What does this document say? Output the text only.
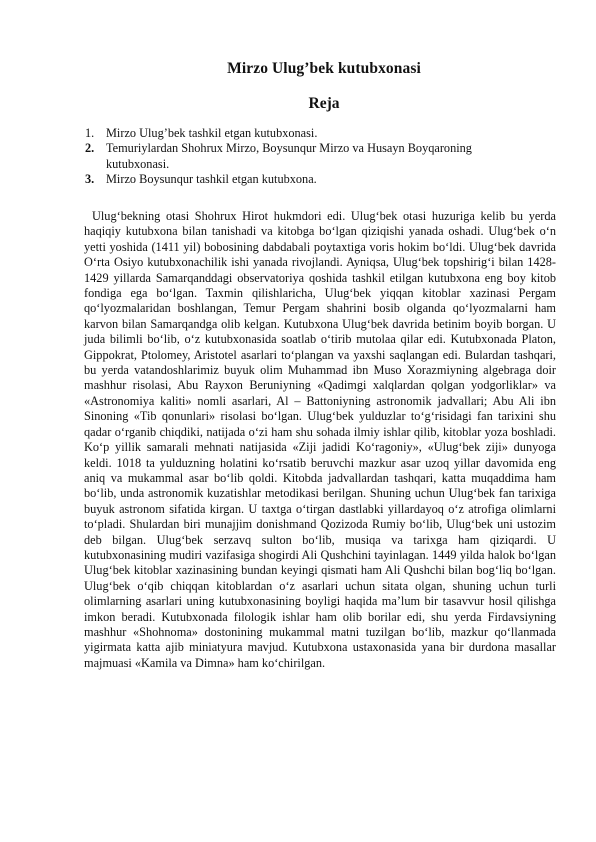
Mirzo Ulug’bek kutubxonasi
Reja
1. Mirzo Ulug’bek tashkil etgan kutubxonasi.
2. Temuriylardan Shohrux Mirzo, Boysunqur Mirzo va Husayn Boyqaroning kutubxonasi.
3. Mirzo Boysunqur tashkil etgan kutubxona.

Ulug‘bekning otasi Shohrux Hirot hukmdori edi. Ulug‘bek otasi huzuriga kelib bu yerda haqiqiy kutubxona bilan tanishadi va kitobga bo‘lgan qiziqishi yanada oshadi. Ulug‘bek o‘n yetti yoshida (1411 yil) bobosining dabdabali poytaxtiga voris hokim bo‘ldi. Ulug‘bek davrida O‘rta Osiyo kutubxonachilik ishi yanada rivojlandi. Ayniqsa, Ulug‘bek topshirig‘i bilan 1428-1429 yillarda Samarqanddagi observatoriya qoshida tashkil etilgan kutubxona eng boy kitob fondiga ega bo‘lgan. Taxmin qilishlaricha, Ulug‘bek yiqqan kitoblar xazinasi Pergam qo‘lyozmalaridan boshlangan, Temur Pergam shahrini bosib olganda qo‘lyozmalarni ham karvon bilan Samarqandga olib kelgan. Kutubxona Ulug‘bek davrida betinim boyib borgan. U juda bilimli bo‘lib, o‘z kutubxonasida soatlab o‘tirib mutolaa qilar edi. Kutubxonada Platon, Gippokrat, Ptolomey, Aristotel asarlari to‘plangan va yaxshi saqlangan edi. Bulardan tashqari, bu yerda vatandoshlarimiz buyuk olim Muhammad ibn Muso Xorazmiyning algebraga doir mashhur risolasi, Abu Rayxon Beruniyning «Qadimgi xalqlardan qolgan yodgorliklar» va «Astronomiya kaliti» nomli asarlari, Al – Battoniyning astronomik jadvallari; Abu Ali ibn Sinoning «Tib qonunlari» risolasi bo‘lgan. Ulug‘bek yulduzlar to‘g‘risidagi fan tarixini shu qadar o‘rganib chiqdiki, natijada o‘zi ham shu sohada ilmiy ishlar qilib, kitoblar yoza boshladi. Ko‘p yillik samarali mehnati natijasida «Ziji jadidi Ko‘ragoniy», «Ulug‘bek ziji» dunyoga keldi. 1018 ta yulduzning holatini ko‘rsatib beruvchi mazkur asar uzoq yillar davomida eng aniq va mukammal asar bo‘lib qoldi. Kitobda jadvallardan tashqari, katta muqaddima ham bo‘lib, unda astronomik kuzatishlar metodikasi berilgan. Shuning uchun Ulug‘bek fan tarixiga buyuk astronom sifatida kirgan. U taxtga o‘tirgan dastlabki yillardayoq o‘z atrofiga olimlarni to‘pladi. Shulardan biri munajjim donishmand Qozizoda Rumiy bo‘lib, Ulug‘bek uni ustozim deb bilgan. Ulug‘bek serzavq sulton bo‘lib, musiqa va tarixga ham qiziqardi. U kutubxonasining mudiri vazifasiga shogirdi Ali Qushchini tayinlagan. 1449 yilda halok bo‘lgan Ulug‘bek kitoblar xazinasining bundan keyingi qismati ham Ali Qushchi bilan bog‘liq bo‘lgan. Ulug‘bek o‘qib chiqqan kitoblardan o‘z asarlari uchun sitata olgan, shuning uchun turli olimlarning asarlari uning kutubxonasining boyligi haqida ma’lum bir tasavvur hosil qilishga imkon beradi. Kutubxonada filologik ishlar ham olib borilar edi, shu yerda Firdavsiyning mashhur «Shohnoma» dostonining mukammal matni tuzilgan bo‘lib, mazkur qo‘llanmada yigirmata katta ajib miniatyura mavjud. Kutubxona ustaxonasida yana bir durdona masallar majmuasi «Kamila va Dimna» ham ko‘chirilgan.
